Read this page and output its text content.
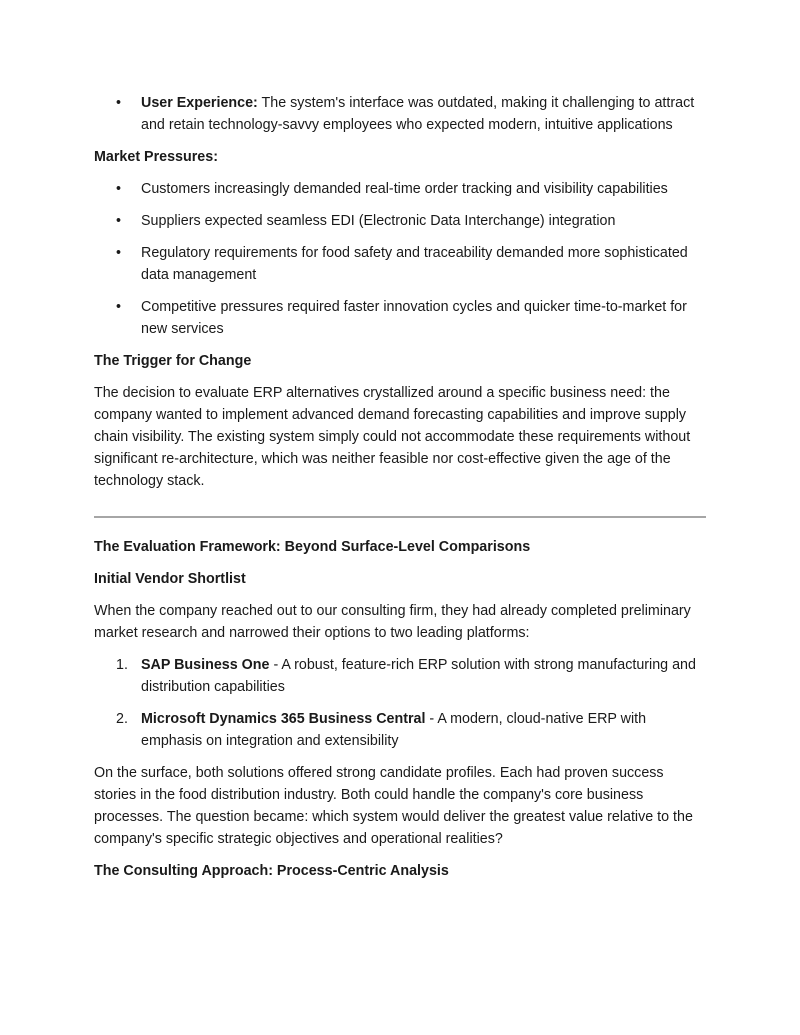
• User Experience: The system's interface was outdated, making it challenging to attract and retain technology-savvy employees who expected modern, intuitive applications

Market Pressures:

• Customers increasingly demanded real-time order tracking and visibility capabilities
• Suppliers expected seamless EDI (Electronic Data Interchange) integration
• Regulatory requirements for food safety and traceability demanded more sophisticated data management
• Competitive pressures required faster innovation cycles and quicker time-to-market for new services

The Trigger for Change

The decision to evaluate ERP alternatives crystallized around a specific business need: the company wanted to implement advanced demand forecasting capabilities and improve supply chain visibility. The existing system simply could not accommodate these requirements without significant re-architecture, which was neither feasible nor cost-effective given the age of the technology stack.

The Evaluation Framework: Beyond Surface-Level Comparisons

Initial Vendor Shortlist

When the company reached out to our consulting firm, they had already completed preliminary market research and narrowed their options to two leading platforms:

1. SAP Business One - A robust, feature-rich ERP solution with strong manufacturing and distribution capabilities
2. Microsoft Dynamics 365 Business Central - A modern, cloud-native ERP with emphasis on integration and extensibility

On the surface, both solutions offered strong candidate profiles. Each had proven success stories in the food distribution industry. Both could handle the company's core business processes. The question became: which system would deliver the greatest value relative to the company's specific strategic objectives and operational realities?

The Consulting Approach: Process-Centric Analysis
